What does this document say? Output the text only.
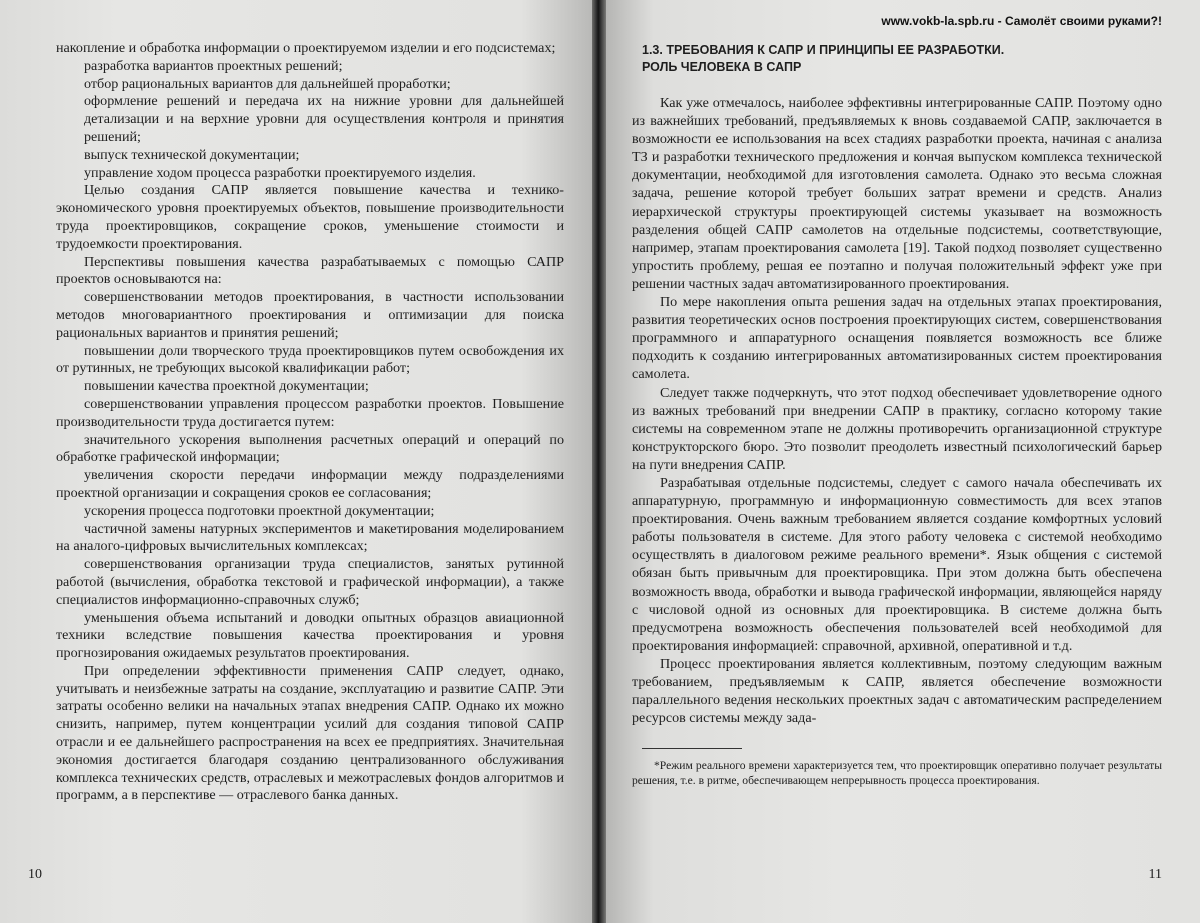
накопление и обработка информации о проектируемом изделии и его подсистемах;

разработка вариантов проектных решений;

отбор рациональных вариантов для дальнейшей проработки;

оформление решений и передача их на нижние уровни для дальнейшей детализации и на верхние уровни для осуществления контроля и принятия решений;

выпуск технической документации;

управление ходом процесса разработки проектируемого изделия.

Целью создания САПР является повышение качества и технико-экономического уровня проектируемых объектов, повышение производительности труда проектировщиков, сокращение сроков, уменьшение стоимости и трудоемкости проектирования.

Перспективы повышения качества разрабатываемых с помощью САПР проектов основываются на:

совершенствовании методов проектирования, в частности использовании методов многовариантного проектирования и оптимизации для поиска рациональных вариантов и принятия решений;

повышении доли творческого труда проектировщиков путем освобождения их от рутинных, не требующих высокой квалификации работ;

повышении качества проектной документации;

совершенствовании управления процессом разработки проектов. Повышение производительности труда достигается путем:

значительного ускорения выполнения расчетных операций и операций по обработке графической информации;

увеличения скорости передачи информации между подразделениями проектной организации и сокращения сроков ее согласования;

ускорения процесса подготовки проектной документации;

частичной замены натурных экспериментов и макетирования моделированием на аналого-цифровых вычислительных комплексах;

совершенствования организации труда специалистов, занятых рутинной работой (вычисления, обработка текстовой и графической информации), а также специалистов информационно-справочных служб;

уменьшения объема испытаний и доводки опытных образцов авиационной техники вследствие повышения качества проектирования и уровня прогнозирования ожидаемых результатов проектирования.

При определении эффективности применения САПР следует, однако, учитывать и неизбежные затраты на создание, эксплуатацию и развитие САПР. Эти затраты особенно велики на начальных этапах внедрения САПР. Однако их можно снизить, например, путем концентрации усилий для создания типовой САПР отрасли и ее дальнейшего распространения на всех ее предприятиях. Значительная экономия достигается благодаря созданию централизованного обслуживания комплекса технических средств, отраслевых и межотраслевых фондов алгоритмов и программ, а в перспективе — отраслевого банка данных.

10
www.vokb-la.spb.ru - Самолёт своими руками?!
1.3. ТРЕБОВАНИЯ К САПР И ПРИНЦИПЫ ЕЕ РАЗРАБОТКИ.
РОЛЬ ЧЕЛОВЕКА В САПР

Как уже отмечалось, наиболее эффективны интегрированные САПР. Поэтому одно из важнейших требований, предъявляемых к вновь создаваемой САПР, заключается в возможности ее использования на всех стадиях разработки проекта, начиная с анализа ТЗ и разработки технического предложения и кончая выпуском комплекса технической документации, необходимой для изготовления самолета. Однако это весьма сложная задача, решение которой требует больших затрат времени и средств. Анализ иерархической структуры проектирующей системы указывает на возможность разделения общей САПР самолетов на отдельные подсистемы, соответствующие, например, этапам проектирования самолета [19]. Такой подход позволяет существенно упростить проблему, решая ее поэтапно и получая положительный эффект уже при решении частных задач автоматизированного проектирования.

По мере накопления опыта решения задач на отдельных этапах проектирования, развития теоретических основ построения проектирующих систем, совершенствования программного и аппаратурного оснащения появляется возможность все ближе подходить к созданию интегрированных автоматизированных систем проектирования самолета.

Следует также подчеркнуть, что этот подход обеспечивает удовлетворение одного из важных требований при внедрении САПР в практику, согласно которому такие системы на современном этапе не должны противоречить организационной структуре конструкторского бюро. Это позволит преодолеть известный психологический барьер на пути внедрения САПР.

Разрабатывая отдельные подсистемы, следует с самого начала обеспечивать их аппаратурную, программную и информационную совместимость для всех этапов проектирования. Очень важным требованием является создание комфортных условий работы пользователя в системе. Для этого работу человека с системой необходимо осуществлять в диалоговом режиме реального времени*. Язык общения с системой обязан быть привычным для проектировщика. При этом должна быть обеспечена возможность ввода, обработки и вывода графической информации, являющейся наряду с числовой одной из основных для проектировщика. В системе должна быть предусмотрена возможность обеспечения пользователей всей необходимой для проектирования информацией: справочной, архивной, оперативной и т.д.

Процесс проектирования является коллективным, поэтому следующим важным требованием, предъявляемым к САПР, является обеспечение возможности параллельного ведения нескольких проектных задач с автоматическим распределением ресурсов системы между зада-

*Режим реального времени характеризуется тем, что проектировщик оперативно получает результаты решения, т.е. в ритме, обеспечивающем непрерывность процесса проектирования.

11
